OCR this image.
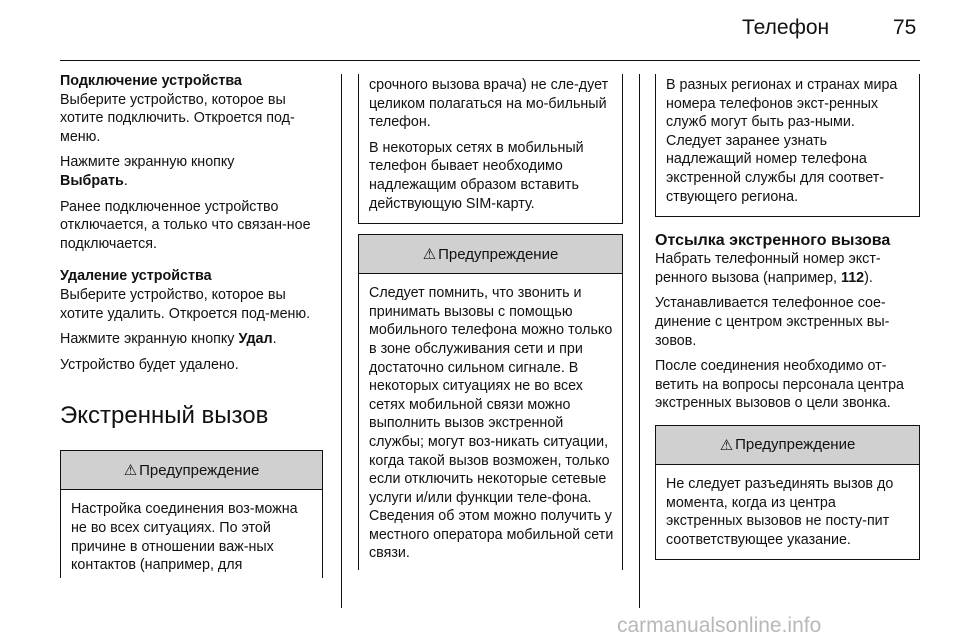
Телефон	75
Подключение устройства

Выберите устройство, которое вы хотите подключить. Откроется под-меню.

Нажмите экранную кнопку
Выбрать.

Ранее подключенное устройство отключается, а только что связан-ное подключается.

Удаление устройства

Выберите устройство, которое вы хотите удалить. Откроется под-меню.

Нажмите экранную кнопку Удал.

Устройство будет удалено.

Экстренный вызов
⚠ Предупреждение

Настройка соединения воз-можна не во всех ситуациях. По этой причине в отношении важ-ных контактов (например, для

срочного вызова врача) не сле-дует целиком полагаться на мо-бильный телефон.

В некоторых сетях в мобильный телефон бывает необходимо надлежащим образом вставить действующую SIM-карту.

⚠ Предупреждение

Следует помнить, что звонить и принимать вызовы с помощью мобильного телефона можно только в зоне обслуживания сети и при достаточно сильном сигнале. В некоторых ситуациях не во всех сетях мобильной связи можно выполнить вызов экстренной службы; могут воз-никать ситуации, когда такой вызов возможен, только если отключить некоторые сетевые услуги и/или функции теле-фона. Сведения об этом можно получить у местного оператора мобильной сети связи.

В разных регионах и странах мира номера телефонов экст-ренных служб могут быть раз-ными. Следует заранее узнать надлежащий номер телефона экстренной службы для соответ-ствующего региона.

Отсылка экстренного вызова

Набрать телефонный номер экст-ренного вызова (например, 112).

Устанавливается телефонное сое-динение с центром экстренных вы-зовов.

После соединения необходимо от-ветить на вопросы персонала центра экстренных вызовов о цели звонка.

⚠ Предупреждение

Не следует разъединять вызов до момента, когда из центра экстренных вызовов не посту-пит соответствующее указание.

carmanualsonline.info
